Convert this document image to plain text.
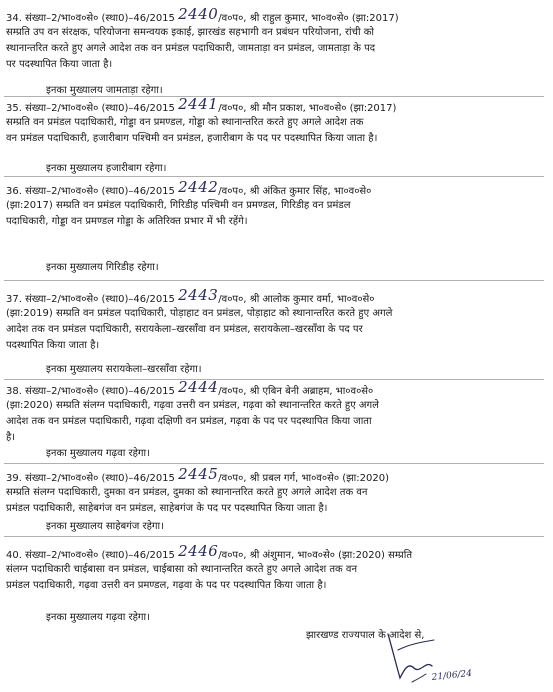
34. संख्या–2/भा०व०से० (स्था0)–46/2015 2440/व०प०, श्री राहुल कुमार, भा०व०से० (झा:2017)
सम्प्रति उप वन संरक्षक, परियोजना समन्वयक इकाई, झारखंड सहभागी वन प्रबंधन परियोजना, रांची को
स्थानान्तरित करते हुए अगले आदेश तक वन प्रमंडल पदाधिकारी, जामताड़ा वन प्रमंडल, जामताड़ा के पद
पर पदस्थापित किया जाता है।
इनका मुख्यालय जामताड़ा रहेगा।
35. संख्या–2/भा०व०से० (स्था0)–46/2015 2441/व०प०, श्री मौन प्रकाश, भा०व०से० (झा:2017)
सम्प्रति वन प्रमंडल पदाधिकारी, गोड्डा वन प्रमण्डल, गोड्डा को स्थानान्तरित करते हुए अगले आदेश तक
वन प्रमंडल पदाधिकारी, हजारीबाग पश्चिमी वन प्रमंडल, हजारीबाग के पद पर पदस्थापित किया जाता है।
इनका मुख्यालय हजारीबाग रहेगा।
36. संख्या–2/भा०व०से० (स्था0)–46/2015 2442/व०प०, श्री अंकित कुमार सिंह, भा०व०से०
(झा:2017) सम्प्रति वन प्रमंडल पदाधिकारी, गिरिडीह पश्चिमी वन प्रमण्डल, गिरिडीह वन प्रमंडल
पदाधिकारी, गोड्डा वन प्रमण्डल गोड्डा के अतिरिक्त प्रभार में भी रहेंगे।
इनका मुख्यालय गिरिडीह रहेगा।
37. संख्या–2/भा०व०से० (स्था0)–46/2015 2443/व०प०, श्री आलोक कुमार वर्मा, भा०व०से०
(झा:2019) सम्प्रति वन प्रमंडल पदाधिकारी, पोड़ाहाट वन प्रमंडल, पोड़ाहाट को स्थानान्तरित करते हुए अगले
आदेश तक वन प्रमंडल पदाधिकारी, सरायकेला–खरसाँवा वन प्रमंडल, सरायकेला–खरसाँवा के पद पर
पदस्थापित किया जाता है।
इनका मुख्यालय सरायकेला–खरसाँवा रहेगा।
38. संख्या–2/भा०व०से० (स्था0)–46/2015 2444/व०प०, श्री एबिन बेनी अब्राहम, भा०व०से०
(झा:2020) सम्प्रति संलग्न पदाधिकारी, गढ़वा उत्तरी वन प्रमंडल, गढ़वा को स्थानान्तरित करते हुए अगले
आदेश तक वन प्रमंडल पदाधिकारी, गढ़वा दक्षिणी वन प्रमंडल, गढ़वा के पद पर पदस्थापित किया जाता
है।
इनका मुख्यालय गढ़वा रहेगा।
39. संख्या–2/भा०व०से० (स्था0)–46/2015 2445/व०प०, श्री प्रबल गर्ग, भा०व०से० (झा:2020)
सम्प्रति संलग्न पदाधिकारी, दुमका वन प्रमंडल, दुमका को स्थानान्तरित करते हुए अगले आदेश तक वन
प्रमंडल पदाधिकारी, साहेबगंज वन प्रमंडल, साहेबगंज के पद पर पदस्थापित किया जाता है।
इनका मुख्यालय साहेबगंज रहेगा।
40. संख्या–2/भा०व०से० (स्था0)–46/2015 2446/व०प०, श्री अंशुमान, भा०व०से० (झा:2020) सम्प्रति
संलग्न पदाधिकारी चाईबासा वन प्रमंडल, चाईबासा को स्थानान्तरित करते हुए अगले आदेश तक वन
प्रमंडल पदाधिकारी, गढ़वा उत्तरी वन प्रमण्डल, गढ़वा के पद पर पदस्थापित किया जाता है।
इनका मुख्यालय गढ़वा रहेगा।
झारखण्ड राज्यपाल के आदेश से,
21/06/24
